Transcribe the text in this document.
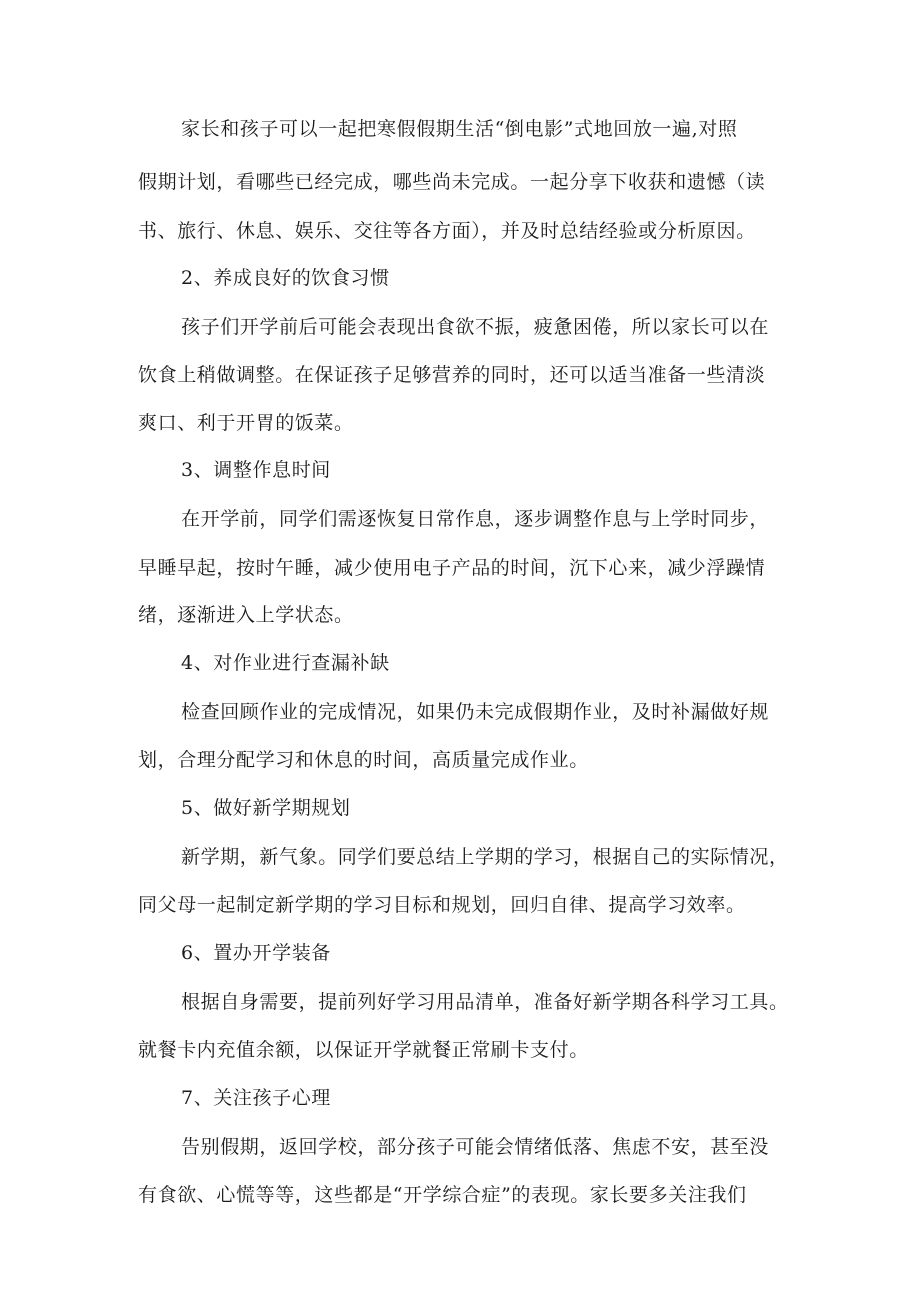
家长和孩子可以一起把寒假假期生活“倒电影”式地回放一遍,对照
假期计划，看哪些已经完成，哪些尚未完成。一起分享下收获和遗憾（读
书、旅行、休息、娱乐、交往等各方面），并及时总结经验或分析原因。
2、养成良好的饮食习惯
孩子们开学前后可能会表现出食欲不振，疲惫困倦，所以家长可以在
饮食上稍做调整。在保证孩子足够营养的同时，还可以适当准备一些清淡
爽口、利于开胃的饭菜。
3、调整作息时间
在开学前，同学们需逐恢复日常作息，逐步调整作息与上学时同步，
早睡早起，按时午睡，减少使用电子产品的时间，沉下心来，减少浮躁情
绪，逐渐进入上学状态。
4、对作业进行查漏补缺
检查回顾作业的完成情况，如果仍未完成假期作业，及时补漏做好规
划，合理分配学习和休息的时间，高质量完成作业。
5、做好新学期规划
新学期，新气象。同学们要总结上学期的学习，根据自己的实际情况，
同父母一起制定新学期的学习目标和规划，回归自律、提高学习效率。
6、置办开学装备
根据自身需要，提前列好学习用品清单，准备好新学期各科学习工具。
就餐卡内充值余额，以保证开学就餐正常刷卡支付。
7、关注孩子心理
告别假期，返回学校，部分孩子可能会情绪低落、焦虑不安，甚至没
有食欲、心慌等等，这些都是“开学综合症”的表现。家长要多关注我们
